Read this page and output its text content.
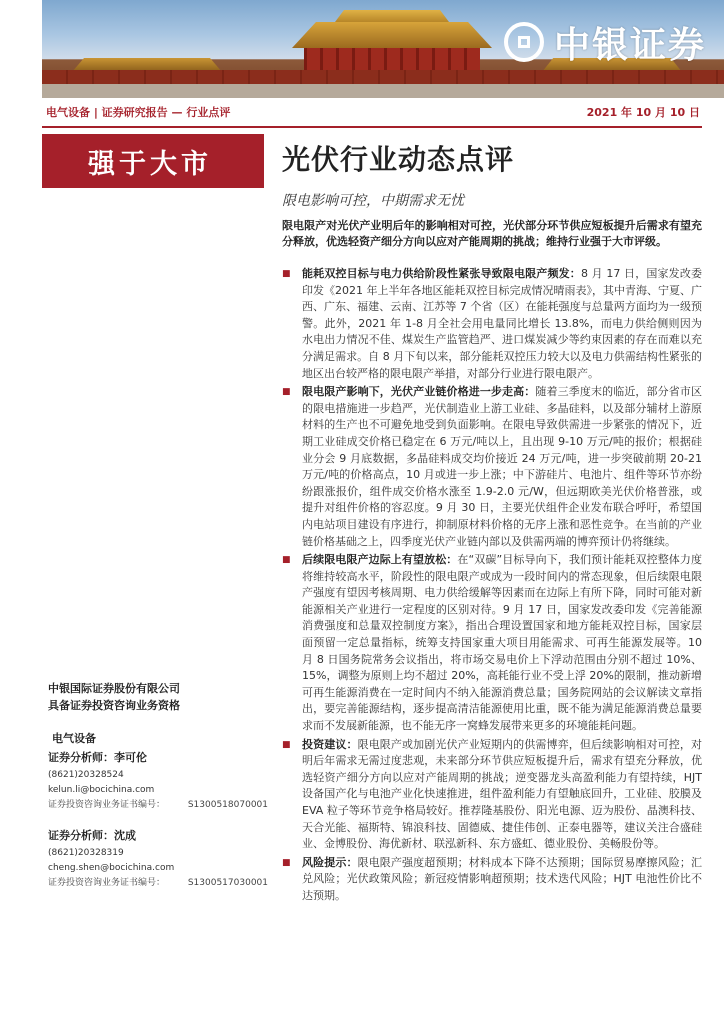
中银证券
电气设备 | 证券研究报告 — 行业点评	2021 年 10 月 10 日
强于大市	光伏行业动态点评
限电影响可控，中期需求无忧
限电限产对光伏产业明后年的影响相对可控，光伏部分环节供应短板提升后需求有望充分释放，优选轻资产细分方向以应对产能周期的挑战；维持行业强于大市评级。
■	能耗双控目标与电力供给阶段性紧张导致限电限产频发：8 月 17 日，国家发改委印发《2021 年上半年各地区能耗双控目标完成情况晴雨表》，其中青海、宁夏、广西、广东、福建、云南、江苏等 7 个省（区）在能耗强度与总量两方面均为一级预警。此外，2021 年 1-8 月全社会用电量同比增长 13.8%，而电力供给侧则因为水电出力情况不佳、煤炭生产监管趋严、进口煤炭减少等约束因素的存在而难以充分满足需求。自 8 月下旬以来，部分能耗双控压力较大以及电力供需结构性紧张的地区出台较严格的限电限产举措，对部分行业进行限电限产。

■	限电限产影响下，光伏产业链价格进一步走高：随着三季度末的临近，部分省市区的限电措施进一步趋严，光伏制造业上游工业硅、多晶硅料，以及部分辅材上游原材料的生产也不可避免地受到负面影响。在限电导致供需进一步紧张的情况下，近期工业硅成交价格已稳定在 6 万元/吨以上，且出现 9-10 万元/吨的报价；根据硅业分会 9 月底数据，多晶硅料成交均价接近 24 万元/吨，进一步突破前期 20-21 万元/吨的价格高点，10 月或进一步上涨；中下游硅片、电池片、组件等环节亦纷纷跟涨报价，组件成交价格水涨至 1.9-2.0 元/W，但远期欧美光伏价格普涨，或提升对组件价格的容忍度。9 月 30 日，主要光伏组件企业发布联合呼吁，希望国内电站项目建设有序进行，抑制原材料价格的无序上涨和恶性竞争。在当前的产业链价格基础之上，四季度光伏产业链内部以及供需两端的博弈预计仍将继续。

■	后续限电限产边际上有望放松：在“双碳”目标导向下，我们预计能耗双控整体力度将维持较高水平，阶段性的限电限产或成为一段时间内的常态现象，但后续限电限产强度有望因考核周期、电力供给缓解等因素而在边际上有所下降，同时可能对新能源相关产业进行一定程度的区别对待。9 月 17 日，国家发改委印发《完善能源消费强度和总量双控制度方案》，指出合理设置国家和地方能耗双控目标，国家层面预留一定总量指标，统筹支持国家重大项目用能需求、可再生能源发展等。10 月 8 日国务院常务会议指出，将市场交易电价上下浮动范围由分别不超过 10%、15%，调整为原则上均不超过 20%，高耗能行业不受上浮 20%的限制，推动新增可再生能源消费在一定时间内不纳入能源消费总量；国务院网站的会议解读文章指出，要完善能源结构，逐步提高清洁能源使用比重，既不能为满足能源消费总量要求而不发展新能源，也不能无序一窝蜂发展带来更多的环境能耗问题。

■	投资建议：限电限产或加剧光伏产业短期内的供需博弈，但后续影响相对可控，对明后年需求无需过度悲观，未来部分环节供应短板提升后，需求有望充分释放，优选轻资产细分方向以应对产能周期的挑战；逆变器龙头高盈利能力有望持续，HJT 设备国产化与电池产业化快速推进，组件盈利能力有望触底回升，工业硅、胶膜及 EVA 粒子等环节竞争格局较好。推荐隆基股份、阳光电源、迈为股份、晶澳科技、天合光能、福斯特、锦浪科技、固德威、捷佳伟创、正泰电器等，建议关注合盛硅业、金博股份、海优新材、联泓新科、东方盛虹、德业股份、美畅股份等。

■	风险提示：限电限产强度超预期；材料成本下降不达预期；国际贸易摩擦风险；汇兑风险；光伏政策风险；新冠疫情影响超预期；技术迭代风险；HJT 电池性价比不达预期。

中银国际证券股份有限公司
具备证券投资咨询业务资格
电气设备
证券分析师：李可伦
(8621)20328524
kelun.li@bocichina.com
证券投资咨询业务证书编号：	S1300518070001
证券分析师：沈成
(8621)20328319
cheng.shen@bocichina.com
证券投资咨询业务证书编号：	S1300517030001
